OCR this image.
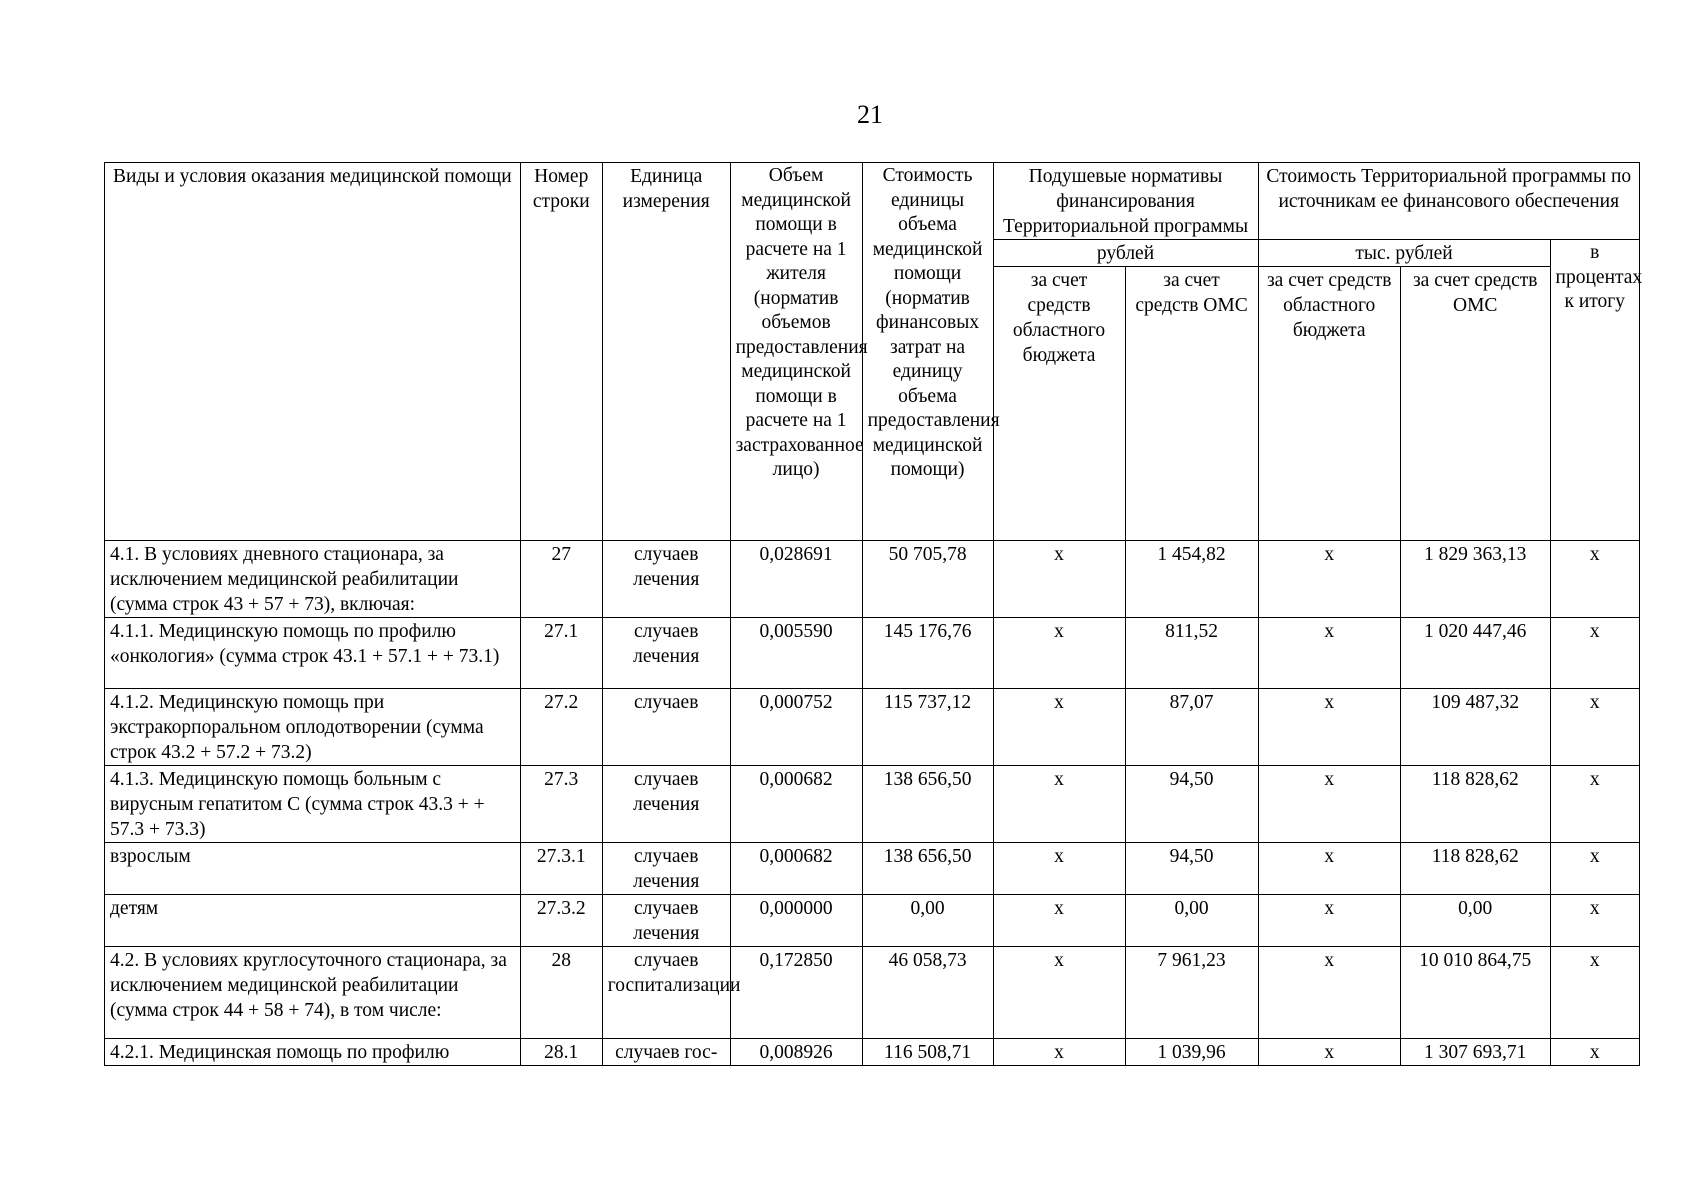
21
Виды и условия оказания медицинской помощи	Номер строки	Единица измерения	Объем медицинской помощи в расчете на 1 жителя (норматив объемов предоставления медицинской помощи в расчете на 1 застрахованное лицо)	Стоимость единицы объема медицинской помощи (норматив финансовых затрат на единицу объема предоставления медицинской помощи)	Подушевые нормативы финансирования Территориальной программы		Стоимость Территориальной программы по источникам ее финансового обеспечения		
					рублей		тыс. рублей		в процентах к итогу
					за счет средств областного бюджета	за счет средств ОМС	за счет средств областного бюджета	за счет средств ОМС	

4.1. В условиях дневного стационара, за исключением медицинской реабилитации (сумма строк 43 + 57 + 73), включая:	27	случаев лечения	0,028691	50 705,78	х	1 454,82	х	1 829 363,13	х
4.1.1. Медицинскую помощь по профилю «онкология» (сумма строк 43.1 + 57.1 + + 73.1)	27.1	случаев лечения	0,005590	145 176,76	х	811,52	х	1 020 447,46	х
4.1.2. Медицинскую помощь при экстракорпоральном оплодотворении (сумма строк 43.2 + 57.2 + 73.2)	27.2	случаев	0,000752	115 737,12	х	87,07	х	109 487,32	х
4.1.3. Медицинскую помощь больным с вирусным гепатитом С (сумма строк 43.3 + + 57.3 + 73.3)	27.3	случаев лечения	0,000682	138 656,50	х	94,50	х	118 828,62	х
взрослым	27.3.1	случаев лечения	0,000682	138 656,50	х	94,50	х	118 828,62	х
детям	27.3.2	случаев лечения	0,000000	0,00	х	0,00	х	0,00	х
4.2. В условиях круглосуточного стационара, за исключением медицинской реабилитации (сумма строк 44 + 58 + 74), в том числе:	28	случаев госпитализации	0,172850	46 058,73	х	7 961,23	х	10 010 864,75	х
4.2.1. Медицинская помощь по профилю	28.1	случаев гос-	0,008926	116 508,71	х	1 039,96	х	1 307 693,71	х
